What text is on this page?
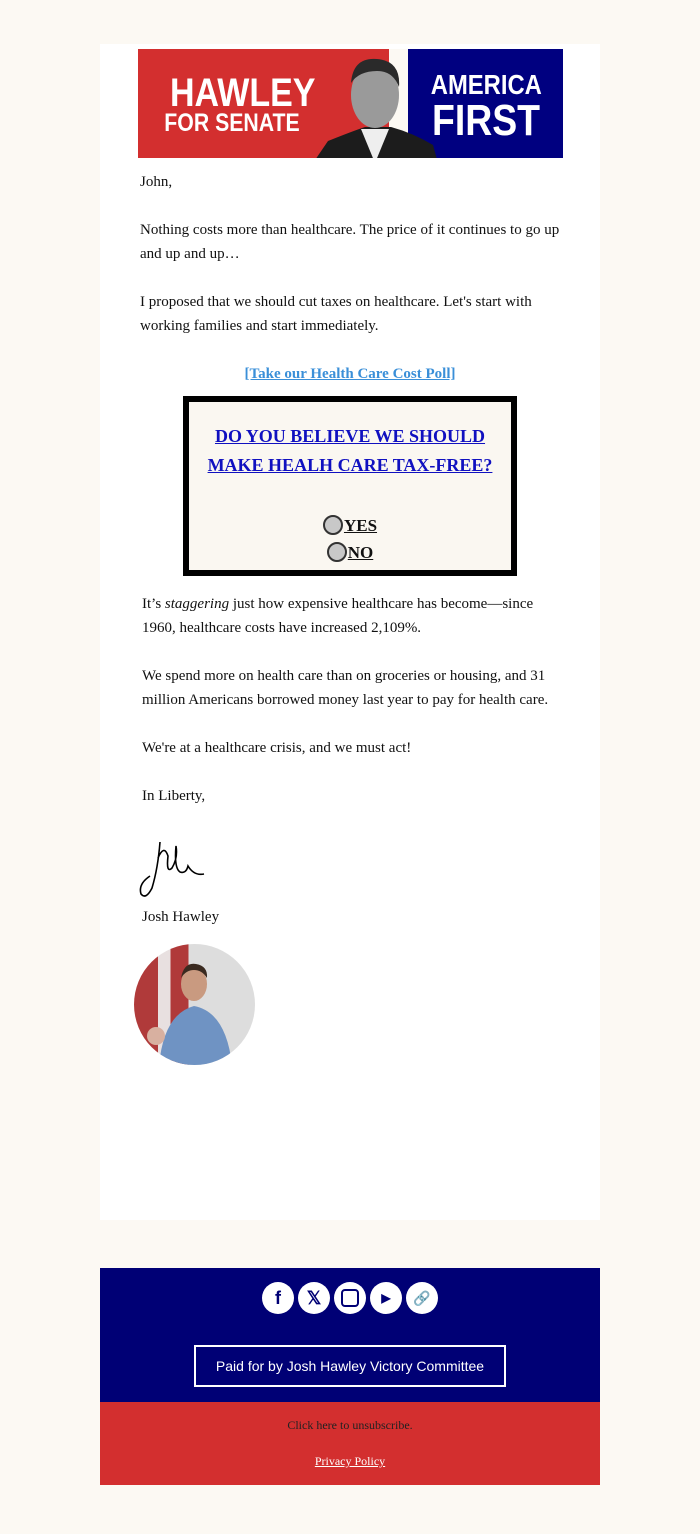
HAWLEY
FOR SENATE
AMERICA
FIRST

John,

Nothing costs more than healthcare. The price of it continues to go up and up and up…

I proposed that we should cut taxes on healthcare. Let's start with working families and start immediately.

[Take our Health Care Cost Poll]
DO YOU BELIEVE WE SHOULD MAKE HEALH CARE TAX-FREE?
YES
NO

It’s staggering just how expensive healthcare has become—since 1960, healthcare costs have increased 2,109%.

We spend more on health care than on groceries or housing, and 31 million Americans borrowed money last year to pay for health care.

We're at a healthcare crisis, and we must act!

In Liberty,

Josh Hawley
f	𝕏	▶	🔗
Paid for by Josh Hawley Victory Committee
Click here to unsubscribe.
Privacy Policy
